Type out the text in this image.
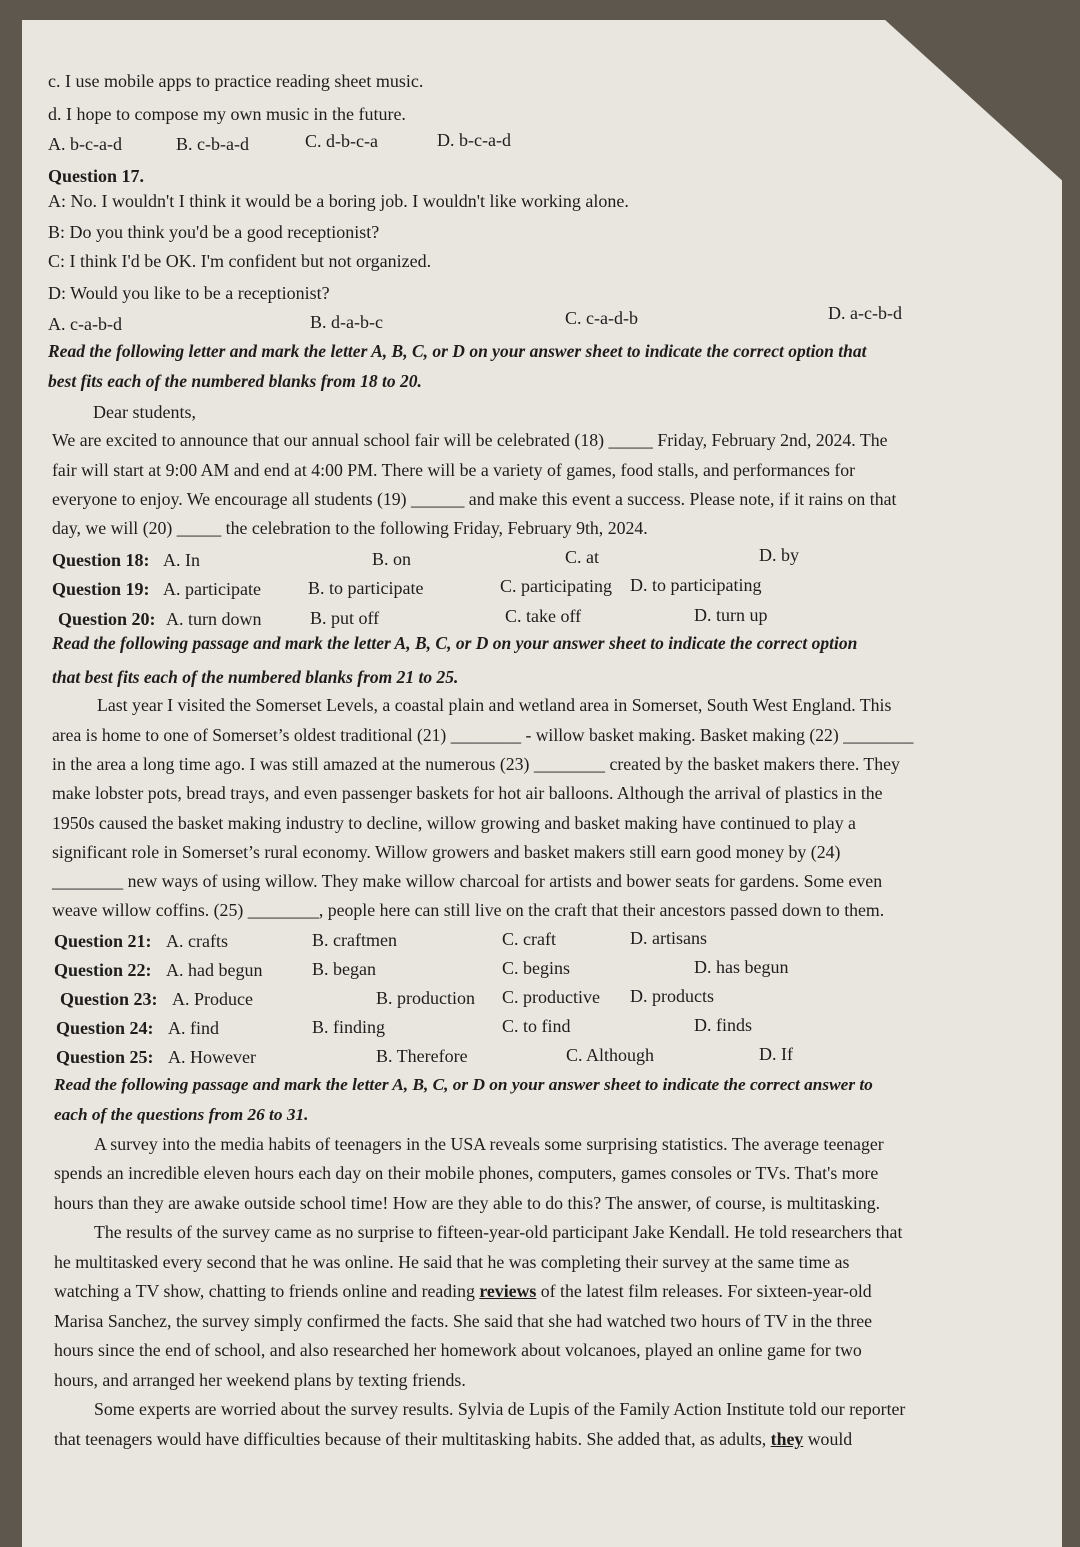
c. I use mobile apps to practice reading sheet music.
d. I hope to compose my own music in the future.
A. b-c-a-d	B. c-b-a-d	C. d-b-c-a	D. b-c-a-d
Question 17.
A: No. I wouldn't I think it would be a boring job. I wouldn't like working alone.
B: Do you think you'd be a good receptionist?
C: I think I'd be OK. I'm confident but not organized.
D: Would you like to be a receptionist?
A. c-a-b-d	B. d-a-b-c	C. c-a-d-b	D. a-c-b-d
Read the following letter and mark the letter A, B, C, or D on your answer sheet to indicate the correct option that
best fits each of the numbered blanks from 18 to 20.
Dear students,
We are excited to announce that our annual school fair will be celebrated (18) _____ Friday, February 2nd, 2024. The
fair will start at 9:00 AM and end at 4:00 PM. There will be a variety of games, food stalls, and performances for
everyone to enjoy. We encourage all students (19) ______ and make this event a success. Please note, if it rains on that
day, we will (20) _____ the celebration to the following Friday, February 9th, 2024.
Question 18: A. In	B. on	C. at	D. by
Question 19: A. participate	B. to participate	C. participating D. to participating
Question 20: A. turn down	B. put off	C. take off	D. turn up
Read the following passage and mark the letter A, B, C, or D on your answer sheet to indicate the correct option
that best fits each of the numbered blanks from 21 to 25.
Last year I visited the Somerset Levels, a coastal plain and wetland area in Somerset, South West England. This
area is home to one of Somerset’s oldest traditional (21) ________ - willow basket making. Basket making (22) ________
in the area a long time ago. I was still amazed at the numerous (23) ________ created by the basket makers there. They
make lobster pots, bread trays, and even passenger baskets for hot air balloons. Although the arrival of plastics in the
1950s caused the basket making industry to decline, willow growing and basket making have continued to play a
significant role in Somerset’s rural economy. Willow growers and basket makers still earn good money by (24)
________ new ways of using willow. They make willow charcoal for artists and bower seats for gardens. Some even
weave willow coffins. (25) ________, people here can still live on the craft that their ancestors passed down to them.
Question 21: A. crafts	B. craftmen	C. craft	D. artisans
Question 22: A. had begun	B. began	C. begins	D. has begun
Question 23: A. Produce	B. production C. productive D. products
Question 24: A. find	B. finding	C. to find	D. finds
Question 25: A. However	B. Therefore	C. Although	D. If
Read the following passage and mark the letter A, B, C, or D on your answer sheet to indicate the correct answer to
each of the questions from 26 to 31.
A survey into the media habits of teenagers in the USA reveals some surprising statistics. The average teenager
spends an incredible eleven hours each day on their mobile phones, computers, games consoles or TVs. That's more
hours than they are awake outside school time! How are they able to do this? The answer, of course, is multitasking.
The results of the survey came as no surprise to fifteen-year-old participant Jake Kendall. He told researchers that
he multitasked every second that he was online. He said that he was completing their survey at the same time as
watching a TV show, chatting to friends online and reading reviews of the latest film releases. For sixteen-year-old
Marisa Sanchez, the survey simply confirmed the facts. She said that she had watched two hours of TV in the three
hours since the end of school, and also researched her homework about volcanoes, played an online game for two
hours, and arranged her weekend plans by texting friends.
Some experts are worried about the survey results. Sylvia de Lupis of the Family Action Institute told our reporter
that teenagers would have difficulties because of their multitasking habits. She added that, as adults, they would
